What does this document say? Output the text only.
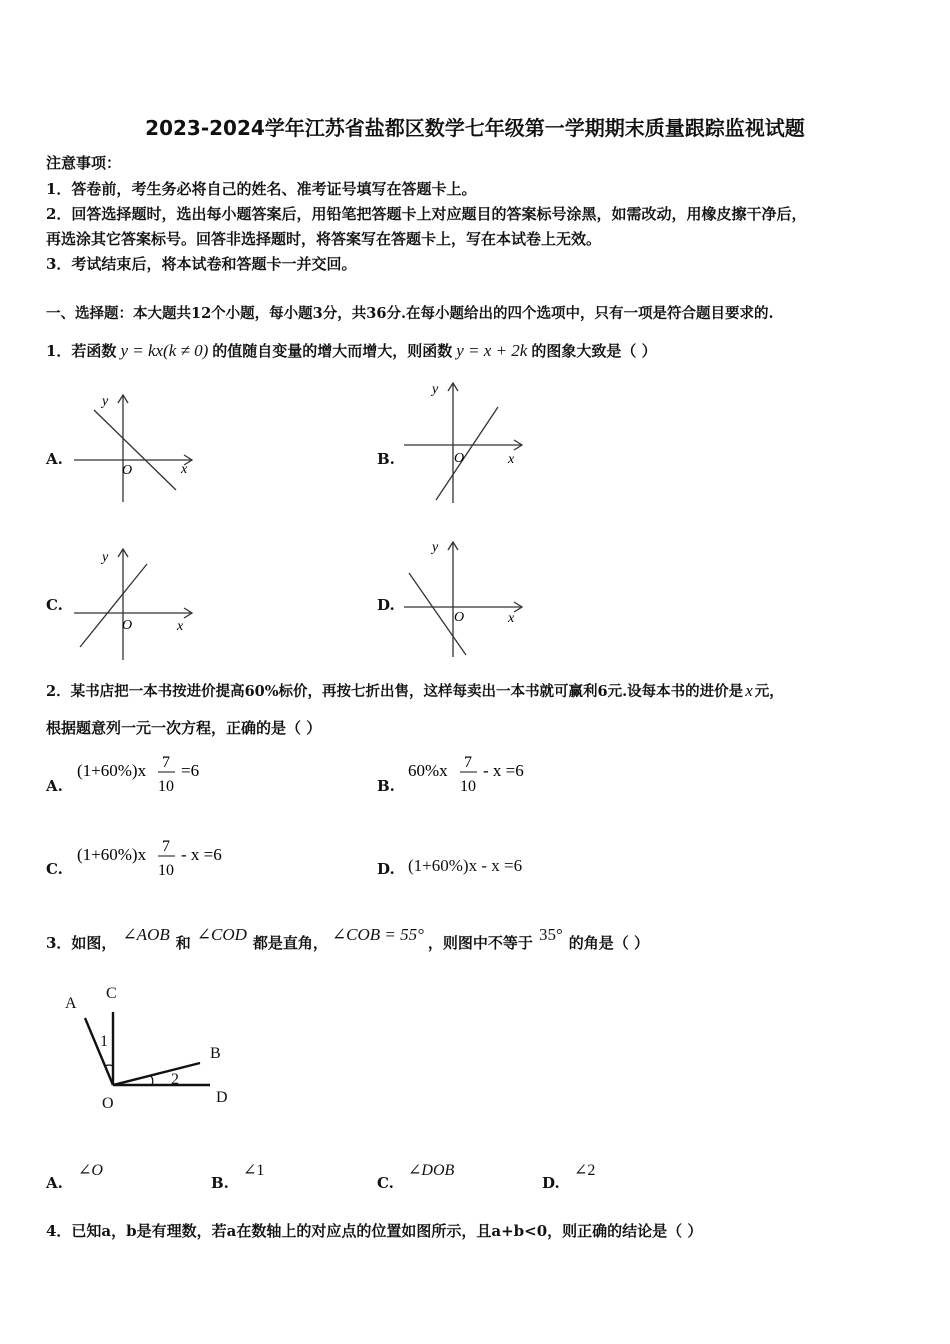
2023-2024学年江苏省盐都区数学七年级第一学期期末质量跟踪监视试题
注意事项：
1．答卷前，考生务必将自己的姓名、准考证号填写在答题卡上。
2．回答选择题时，选出每小题答案后，用铅笔把答题卡上对应题目的答案标号涂黑，如需改动，用橡皮擦干净后，
再选涂其它答案标号。回答非选择题时，将答案写在答题卡上，写在本试卷上无效。
3．考试结束后，将本试卷和答题卡一并交回。
一、选择题：本大题共12个小题，每小题3分，共36分.在每小题给出的四个选项中，只有一项是符合题目要求的.
1．若函数 y = kx(k ≠ 0) 的值随自变量的增大而增大，则函数 y = x + 2k 的图象大致是（ ）
A.	B.
C.	D.
y
x
O
y
x
O
y
x
O
y
x
O
2．某书店把一本书按进价提高60%标价，再按七折出售，这样每卖出一本书就可赢利6元.设每本书的进价是 x 元，
根据题意列一元一次方程，正确的是（ ）
A.
(1+60%)x 7
10
=6
B.
60%x 7
10
- x =6
C.
(1+60%)x 7
10
- x =6
D. (1+60%)x - x =6
3．如图， ∠AOB 和 ∠COD 都是直角， ∠COB = 55° ，则图中不等于 35° 的角是（ ）
A
C
B
O	D
1
2
A.
∠O
B.
∠1
C.
∠DOB
D.
∠2
4．已知a，b是有理数，若a在数轴上的对应点的位置如图所示，且a+b<0，则正确的结论是（ ）
